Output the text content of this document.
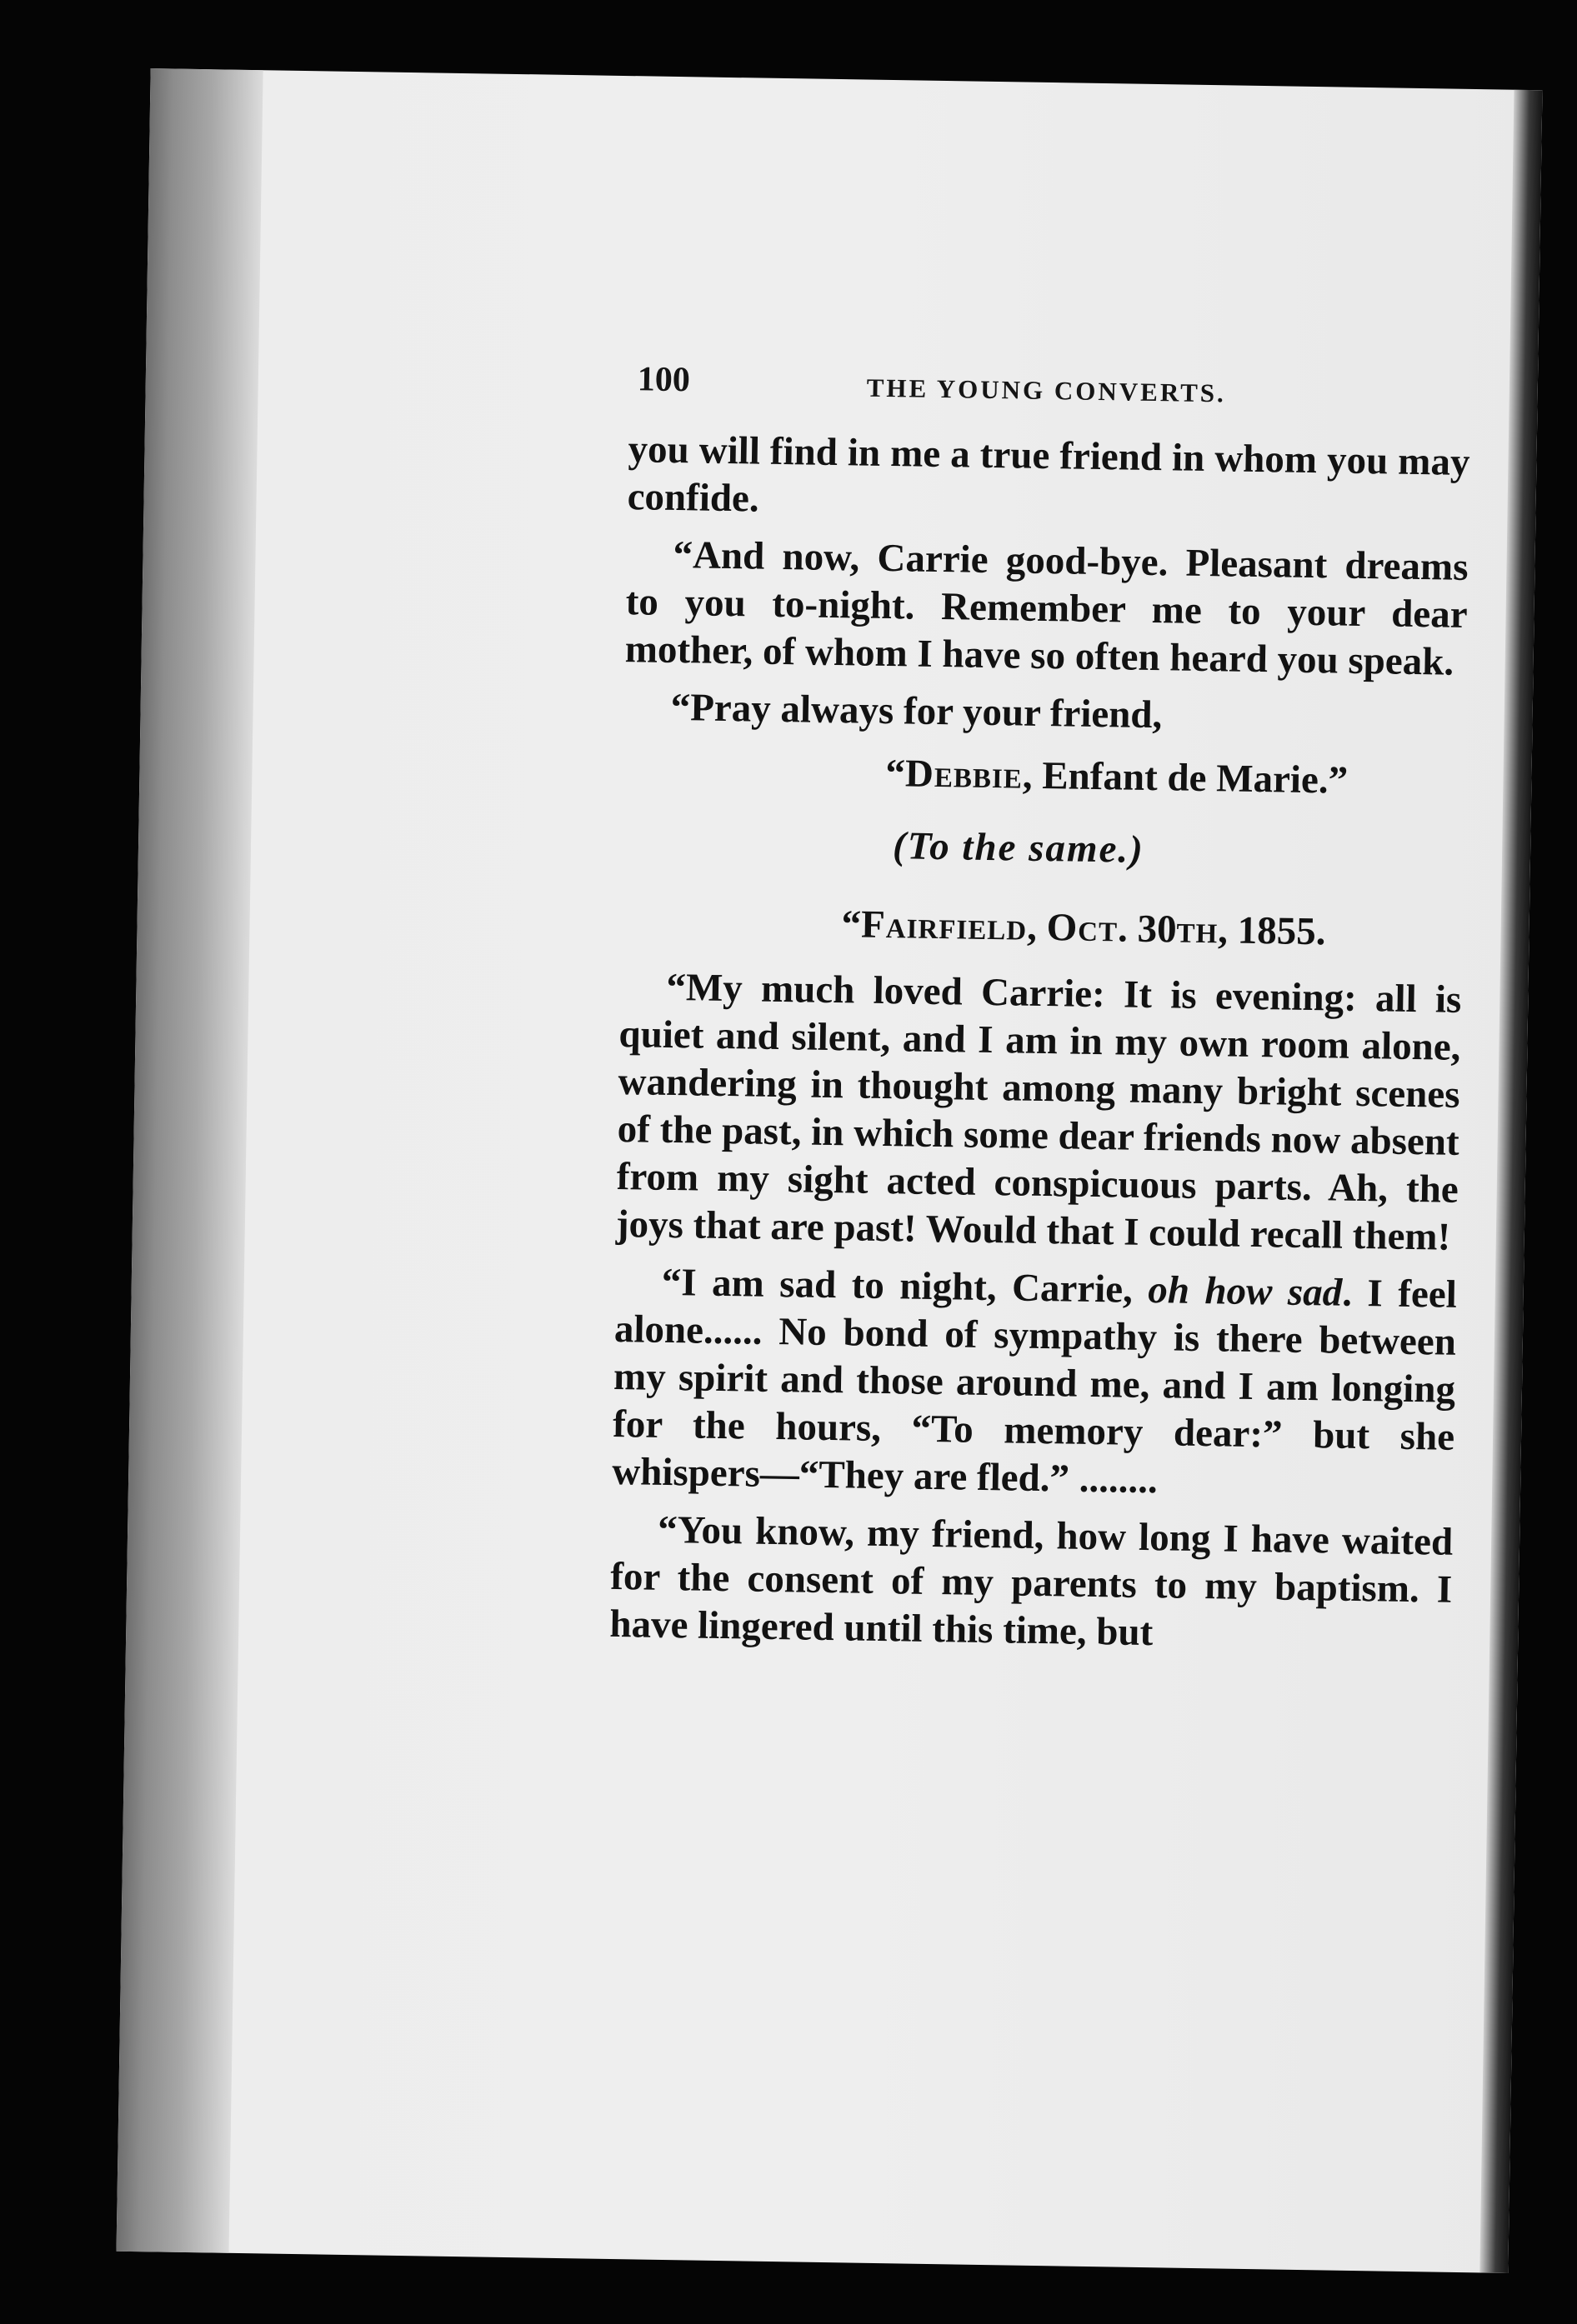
100	THE YOUNG CONVERTS.

you will find in me a true friend in whom you may confide.

“And now, Carrie good-bye. Pleasant dreams to you to-night. Remember me to your dear mother, of whom I have so often heard you speak.

“Pray always for your friend,

“Debbie, Enfant de Marie.”

(To the same.)

“Fairfield, Oct. 30th, 1855.

“My much loved Carrie: It is evening: all is quiet and silent, and I am in my own room alone, wandering in thought among many bright scenes of the past, in which some dear friends now absent from my sight acted conspicuous parts. Ah, the joys that are past! Would that I could recall them!

“I am sad to night, Carrie, oh how sad. I feel alone...... No bond of sympathy is there between my spirit and those around me, and I am longing for the hours, “To memory dear:” but she whispers—“They are fled.” ........

“You know, my friend, how long I have waited for the consent of my parents to my baptism. I have lingered until this time, but
